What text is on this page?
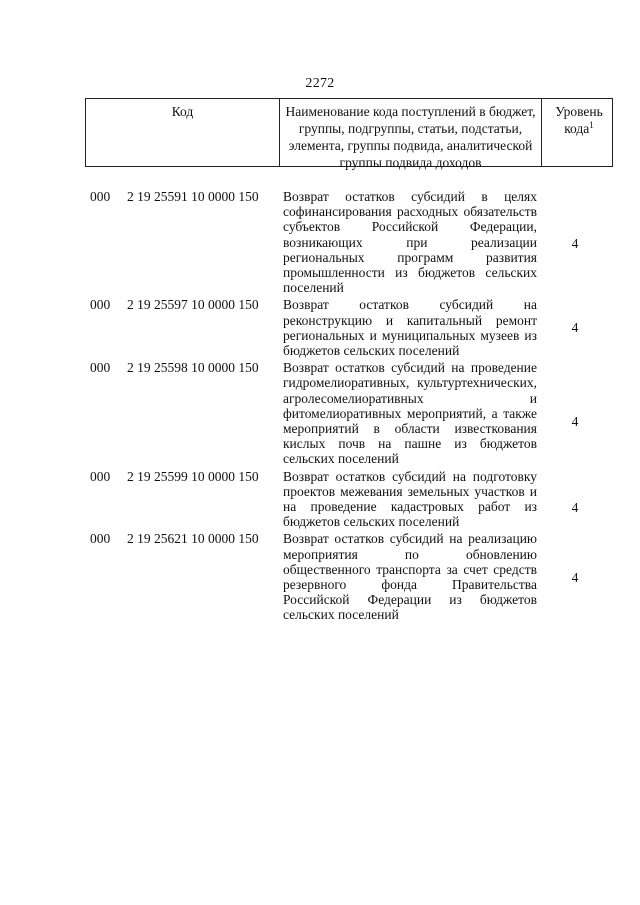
2272
Код	Наименование кода поступлений в бюджет, группы, подгруппы, статьи, подстатьи, элемента, группы подвида, аналитической группы подвида доходов
Уровень кода$^1$
000 2 19 25591 10 0000 150 Возврат остатков субсидий в целях софинансирования расходных обязательств субъектов Российской Федерации, возникающих при реализации региональных программ развития промышленности из бюджетов сельских поселений
4
000 2 19 25597 10 0000 150 Возврат остатков субсидий на реконструкцию и капитальный ремонт региональных и муниципальных музеев из бюджетов сельских поселений
4
000 2 19 25598 10 0000 150 Возврат остатков субсидий на проведение гидромелиоративных, культуртехнических, агролесомелиоративных и фитомелиоративных мероприятий, а также мероприятий в области известкования кислых почв на пашне из бюджетов сельских поселений
4
000 2 19 25599 10 0000 150 Возврат остатков субсидий на подготовку проектов межевания земельных участков и на проведение кадастровых работ из бюджетов сельских поселений
4
000 2 19 25621 10 0000 150 Возврат остатков субсидий на реализацию мероприятия по обновлению общественного транспорта за счет средств резервного фонда Правительства Российской Федерации из бюджетов сельских поселений
4
